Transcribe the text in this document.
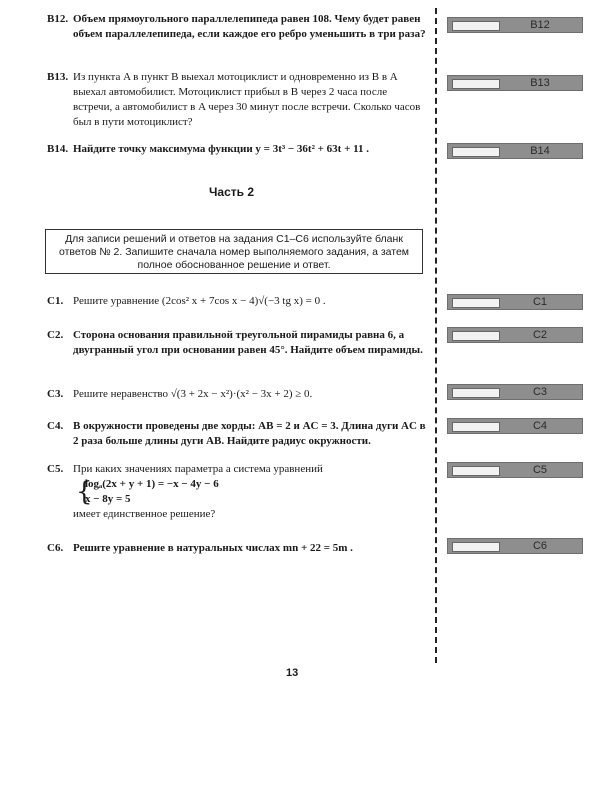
B12. Объем прямоугольного параллелепипеда равен 108. Чему будет равен объем параллелепипеда, если каждое его ребро уменьшить в три раза?
B13. Из пункта A в пункт B выехал мотоциклист и одновременно из B в A выехал автомобилист. Мотоциклист прибыл в B через 2 часа после встречи, а автомобилист в A через 30 минут после встречи. Сколько часов был в пути мотоциклист?
B14. Найдите точку максимума функции y = 3t³ − 36t² + 63t + 11 .
Часть 2
Для записи решений и ответов на задания С1–С6 используйте бланк ответов № 2. Запишите сначала номер выполняемого задания, а затем полное обоснованное решение и ответ.
C1. Решите уравнение (2cos² x + 7cos x − 4)√(−3 tg x) = 0 .
C2. Сторона основания правильной треугольной пирамиды равна 6, а двугранный угол при основании равен 45°. Найдите объем пирамиды.
C3. Решите неравенство √(3 + 2x − x²)·(x² − 3x + 2) ≥ 0.
C4. В окружности проведены две хорды: AB = 2 и AC = 3. Длина дуги AC в 2 раза больше длины дуги AB. Найдите радиус окружности.
C5. При каких значениях параметра a система уравнений
logₐ(2x + y + 1) = −x − 4y − 6
x − 8y = 5
имеет единственное решение?
{
C6. Решите уравнение в натуральных числах mn + 22 = 5m .
B12
B13
B14
C1
C2
C3
C4
C5
C6
13
